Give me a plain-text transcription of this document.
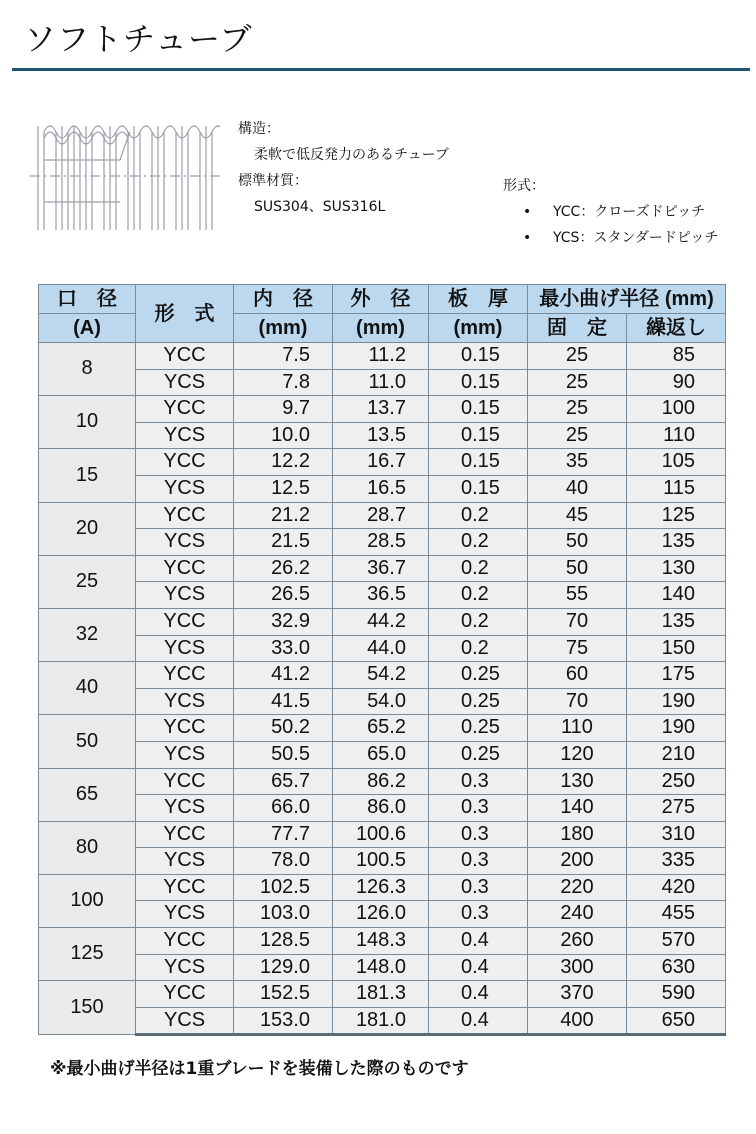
ソフトチューブ
構造：
柔軟で低反発力のあるチューブ
標準材質：
SUS304、SUS316L
形式：
• YCC：クローズドピッチ
• YCS：スタンダードピッチ
口　径	形　式	内　径	外　径	板　厚	最小曲げ半径 (mm)	
(A)		(mm)	(mm)	(mm)	固　定	繰返し
8	YCC	7.5	11.2	0.15	25	85
	YCS	7.8	11.0	0.15	25	90
10	YCC	9.7	13.7	0.15	25	100
	YCS	10.0	13.5	0.15	25	110
15	YCC	12.2	16.7	0.15	35	105
	YCS	12.5	16.5	0.15	40	115
20	YCC	21.2	28.7	0.2	45	125
	YCS	21.5	28.5	0.2	50	135
25	YCC	26.2	36.7	0.2	50	130
	YCS	26.5	36.5	0.2	55	140
32	YCC	32.9	44.2	0.2	70	135
	YCS	33.0	44.0	0.2	75	150
40	YCC	41.2	54.2	0.25	60	175
	YCS	41.5	54.0	0.25	70	190
50	YCC	50.2	65.2	0.25	110	190
	YCS	50.5	65.0	0.25	120	210
65	YCC	65.7	86.2	0.3	130	250
	YCS	66.0	86.0	0.3	140	275
80	YCC	77.7	100.6	0.3	180	310
	YCS	78.0	100.5	0.3	200	335
100	YCC	102.5	126.3	0.3	220	420
	YCS	103.0	126.0	0.3	240	455
125	YCC	128.5	148.3	0.4	260	570
	YCS	129.0	148.0	0.4	300	630
150	YCC	152.5	181.3	0.4	370	590
	YCS	153.0	181.0	0.4	400	650
※最小曲げ半径は1重ブレードを装備した際のものです
